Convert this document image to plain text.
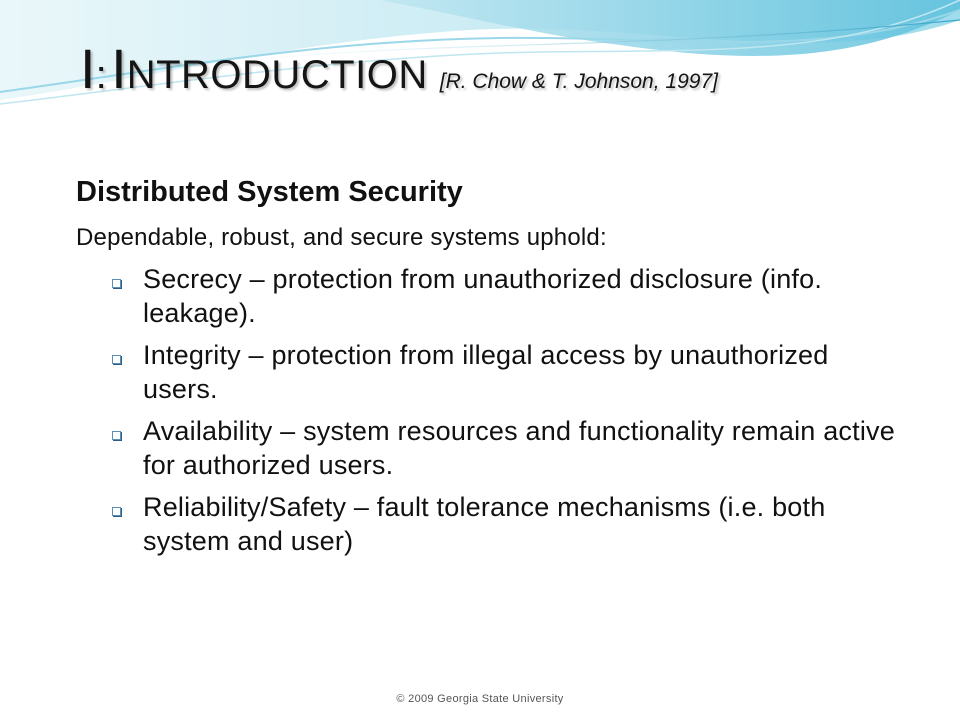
I: INTRODUCTION [R. Chow & T. Johnson, 1997]
Distributed System Security
Dependable, robust, and secure systems uphold:
Secrecy – protection from unauthorized disclosure (info. leakage).
Integrity – protection from illegal access by unauthorized users.
Availability – system resources and functionality remain active for authorized users.
Reliability/Safety – fault tolerance mechanisms (i.e. both system and user)
© 2009 Georgia State University
